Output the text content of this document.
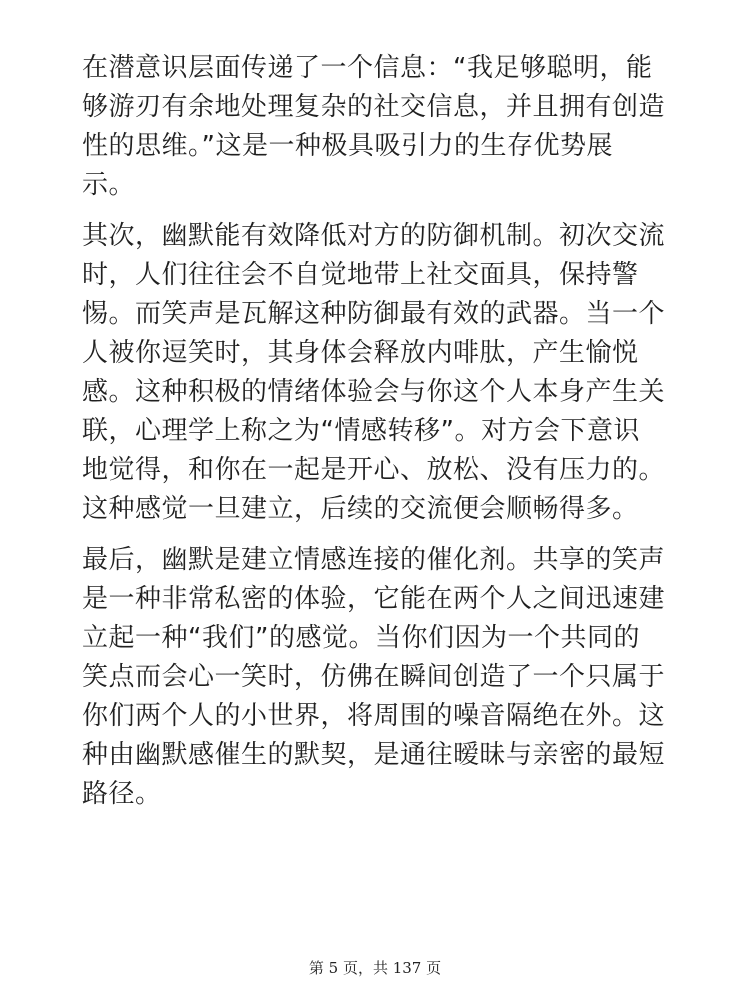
在潜意识层面传递了一个信息：“我足够聪明，能
够游刃有余地处理复杂的社交信息，并且拥有创造
性的思维。”这是一种极具吸引力的生存优势展
示。

其次，幽默能有效降低对方的防御机制。初次交流
时，人们往往会不自觉地带上社交面具，保持警
惕。而笑声是瓦解这种防御最有效的武器。当一个
人被你逗笑时，其身体会释放内啡肽，产生愉悦
感。这种积极的情绪体验会与你这个人本身产生关
联，心理学上称之为“情感转移”。对方会下意识
地觉得，和你在一起是开心、放松、没有压力的。
这种感觉一旦建立，后续的交流便会顺畅得多。

最后，幽默是建立情感连接的催化剂。共享的笑声
是一种非常私密的体验，它能在两个人之间迅速建
立起一种“我们”的感觉。当你们因为一个共同的
笑点而会心一笑时，仿佛在瞬间创造了一个只属于
你们两个人的小世界，将周围的噪音隔绝在外。这
种由幽默感催生的默契，是通往暧昧与亲密的最短
路径。

第 5 页，共 137 页
